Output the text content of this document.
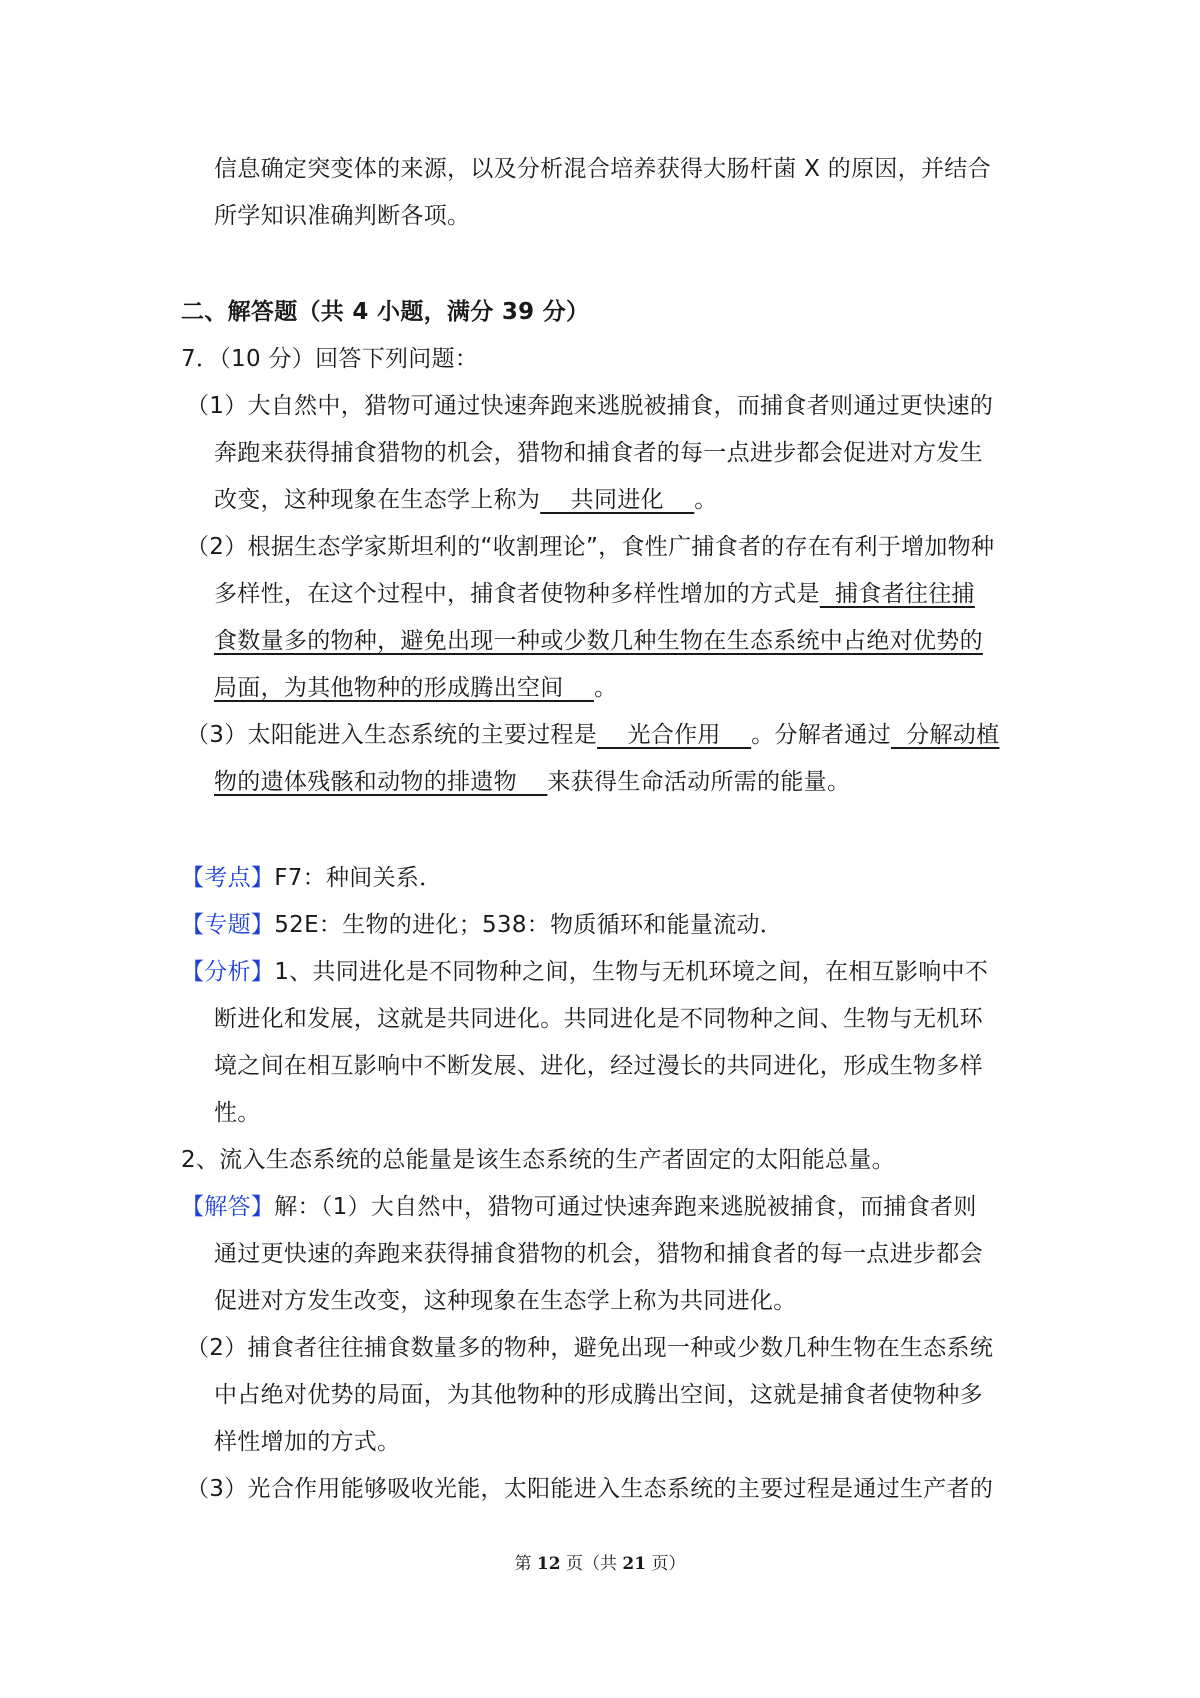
信息确定突变体的来源，以及分析混合培养获得大肠杆菌 X 的原因，并结合
所学知识准确判断各项。
二、解答题（共 4 小题，满分 39 分）
7．（10 分）回答下列问题：
（1）大自然中，猎物可通过快速奔跑来逃脱被捕食，而捕食者则通过更快速的
奔跑来获得捕食猎物的机会，猎物和捕食者的每一点进步都会促进对方发生
改变，这种现象在生态学上称为    共同进化    。
（2）根据生态学家斯坦利的“收割理论”，食性广捕食者的存在有利于增加物种
多样性，在这个过程中，捕食者使物种多样性增加的方式是  捕食者往往捕
食数量多的物种，避免出现一种或少数几种生物在生态系统中占绝对优势的
局面，为其他物种的形成腾出空间    。
（3）太阳能进入生态系统的主要过程是    光合作用    。分解者通过  分解动植
物的遗体残骸和动物的排遗物    来获得生命活动所需的能量。
【考点】F7：种间关系．
【专题】52E：生物的进化；538：物质循环和能量流动．
【分析】1、共同进化是不同物种之间，生物与无机环境之间，在相互影响中不
断进化和发展，这就是共同进化。共同进化是不同物种之间、生物与无机环
境之间在相互影响中不断发展、进化，经过漫长的共同进化，形成生物多样
性。
2、流入生态系统的总能量是该生态系统的生产者固定的太阳能总量。
【解答】解：（1）大自然中，猎物可通过快速奔跑来逃脱被捕食，而捕食者则
通过更快速的奔跑来获得捕食猎物的机会，猎物和捕食者的每一点进步都会
促进对方发生改变，这种现象在生态学上称为共同进化。
（2）捕食者往往捕食数量多的物种，避免出现一种或少数几种生物在生态系统
中占绝对优势的局面，为其他物种的形成腾出空间，这就是捕食者使物种多
样性增加的方式。
（3）光合作用能够吸收光能，太阳能进入生态系统的主要过程是通过生产者的
第 12 页（共 21 页）
